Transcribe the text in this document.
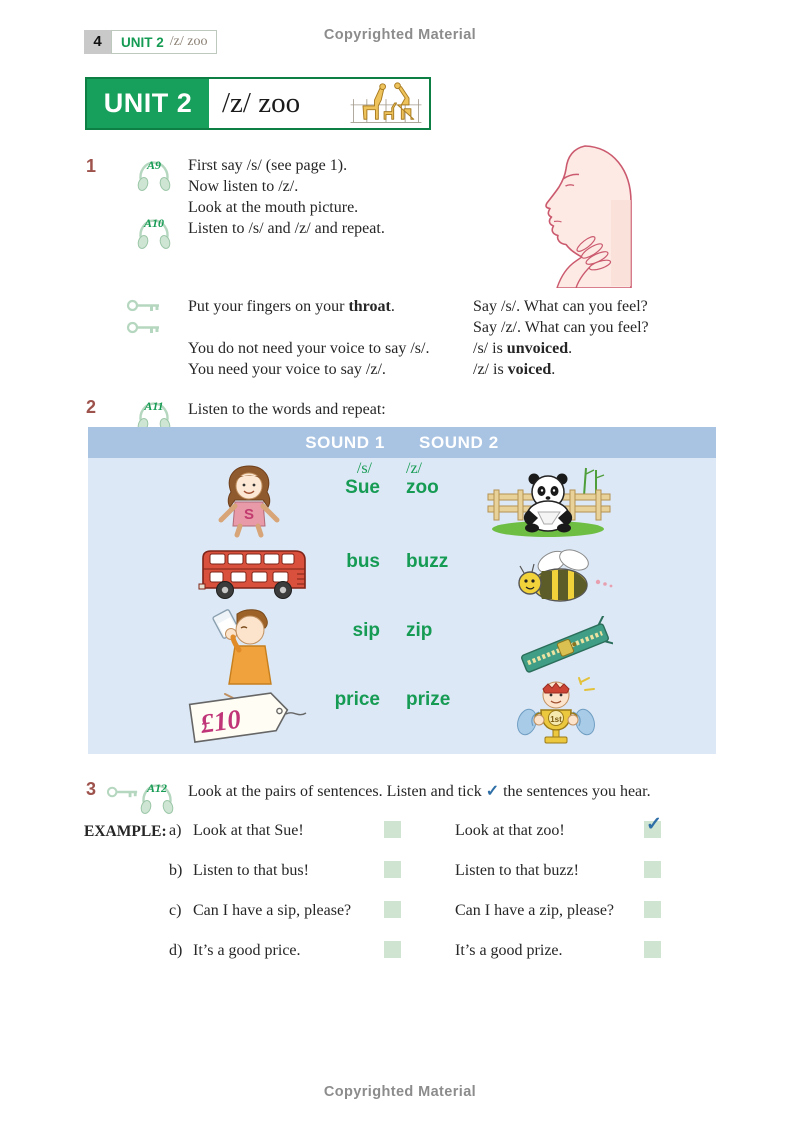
Copyrighted Material
4	UNIT 2 /z/ zoo
UNIT 2	/z/ zoo
1	A9
A10
First say /s/ (see page 1).
Now listen to /z/.
Look at the mouth picture.
Listen to /s/ and /z/ and repeat.
Put your fingers on your throat.
You do not need your voice to say /s/.
You need your voice to say /z/.
Say /s/. What can you feel?
Say /z/. What can you feel?
/s/ is unvoiced.
/z/ is voiced.
2	A11	Listen to the words and repeat:
SOUND 1 SOUND 2
/s/ /z/
Sue zoo
bus buzz
sip zip
price prize
S
£10	1st
3	A12	Look at the pairs of sentences. Listen and tick ✓ the sentences you hear.
EXAMPLE: a) Look at that Sue!	Look at that zoo!	✓
b) Listen to that bus!	Listen to that buzz!
c) Can I have a sip, please?	Can I have a zip, please?
d) It’s a good price.	It’s a good prize.
Copyrighted Material
